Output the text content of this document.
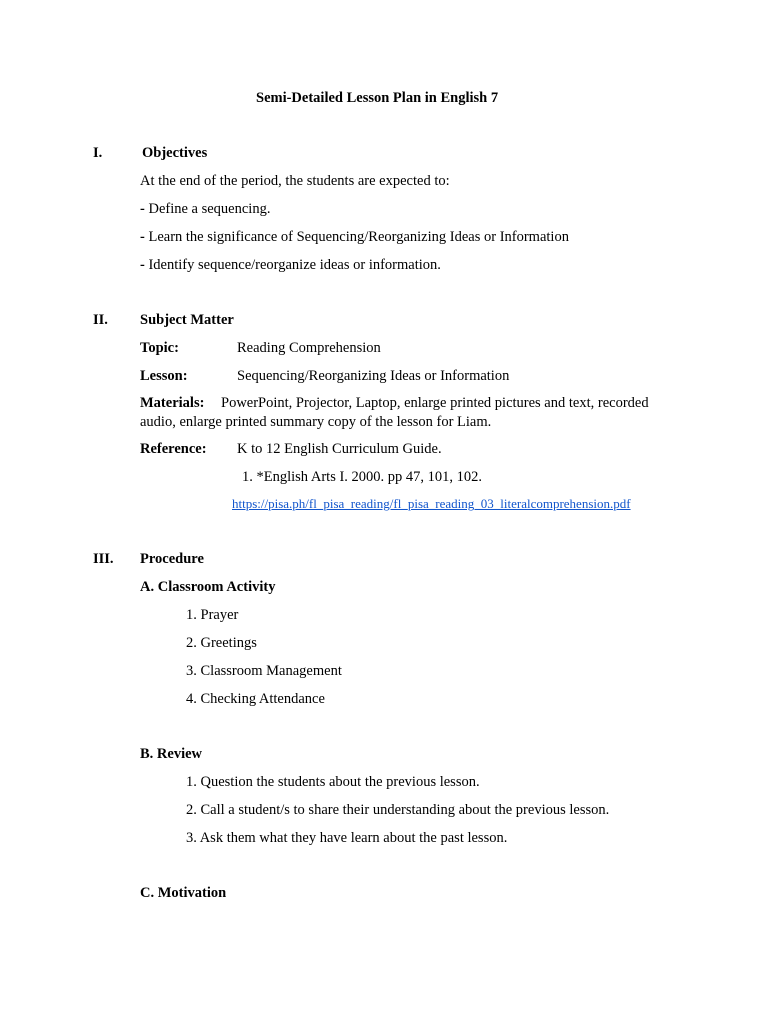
Semi-Detailed Lesson Plan in English 7
I.	Objectives
At the end of the period, the students are expected to:
- Define a sequencing.
- Learn the significance of Sequencing/Reorganizing Ideas or Information
- Identify sequence/reorganize ideas or information.
II. Subject Matter
Topic:	Reading Comprehension
Lesson:	Sequencing/Reorganizing Ideas or Information
Materials: PowerPoint, Projector, Laptop, enlarge printed pictures and text, recorded
audio, enlarge printed summary copy of the lesson for Liam.
Reference: K to 12 English Curriculum Guide.
1. *English Arts I. 2000. pp 47, 101, 102.
https://pisa.ph/fl_pisa_reading/fl_pisa_reading_03_literalcomprehension.pdf
III. Procedure
A. Classroom Activity
1. Prayer
2. Greetings
3. Classroom Management
4. Checking Attendance
B. Review
1. Question the students about the previous lesson.
2. Call a student/s to share their understanding about the previous lesson.
3. Ask them what they have learn about the past lesson.
C. Motivation
